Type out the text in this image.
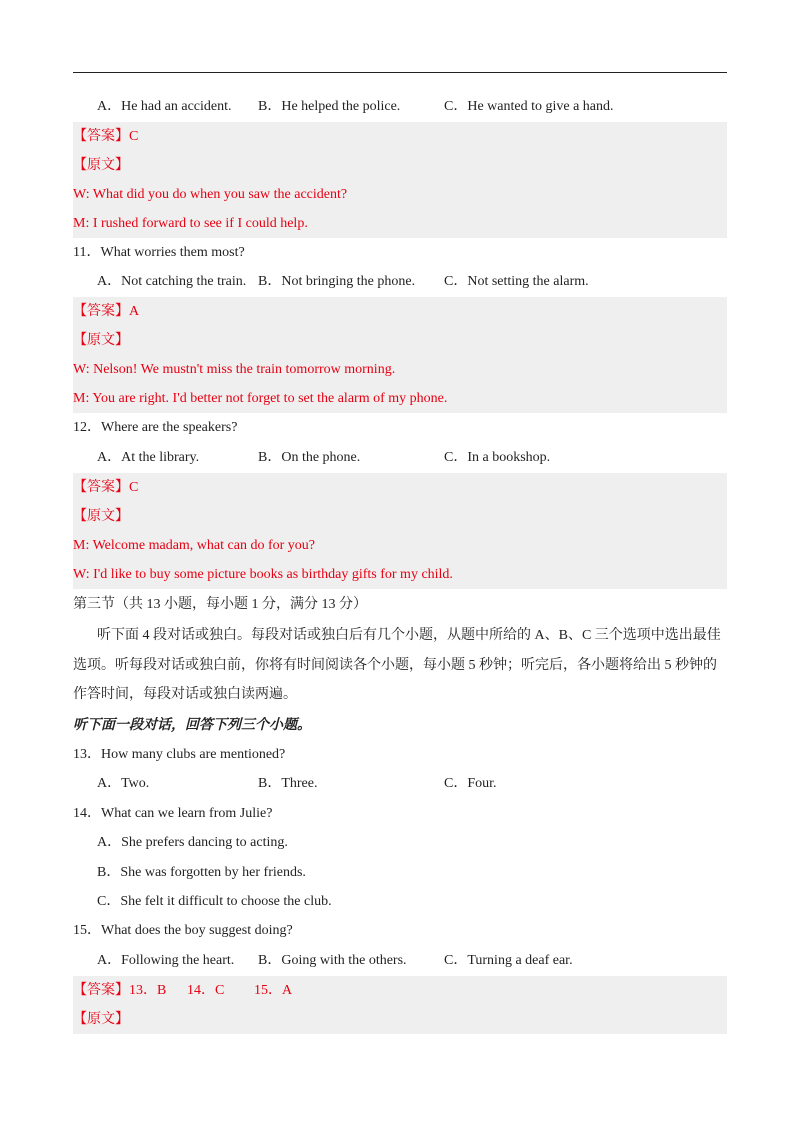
A．He had an accident. B．He helped the police.	C．He wanted to give a hand.
【答案】C
【原文】
W: What did you do when you saw the accident?
M: I rushed forward to see if I could help.
11．What worries them most?
A．Not catching the train. B．Not bringing the phone. C．Not setting the alarm.
【答案】A
【原文】
W: Nelson! We mustn't miss the train tomorrow morning.
M: You are right. I'd better not forget to set the alarm of my phone.
12．Where are the speakers?
A．At the library.	B．On the phone.	C．In a bookshop.
【答案】C
【原文】
M: Welcome madam, what can do for you?
W: I'd like to buy some picture books as birthday gifts for my child.
第三节（共 13 小题，每小题 1 分，满分 13 分）

听下面 4 段对话或独白。每段对话或独白后有几个小题，从题中所给的 A、B、C 三个选项中选出最佳选项。听每段对话或独白前，你将有时间阅读各个小题，每小题 5 秒钟；听完后，各小题将给出 5 秒钟的作答时间，每段对话或独白读两遍。

听下面一段对话，回答下列三个小题。
13．How many clubs are mentioned?
A．Two.	B．Three.	C．Four.
14．What can we learn from Julie?
A．She prefers dancing to acting.
B．She was forgotten by her friends.
C．She felt it difficult to choose the club.
15．What does the boy suggest doing?
A．Following the heart. B．Going with the others.	C．Turning a deaf ear.
【答案】13．B 14．C 15．A
【原文】
